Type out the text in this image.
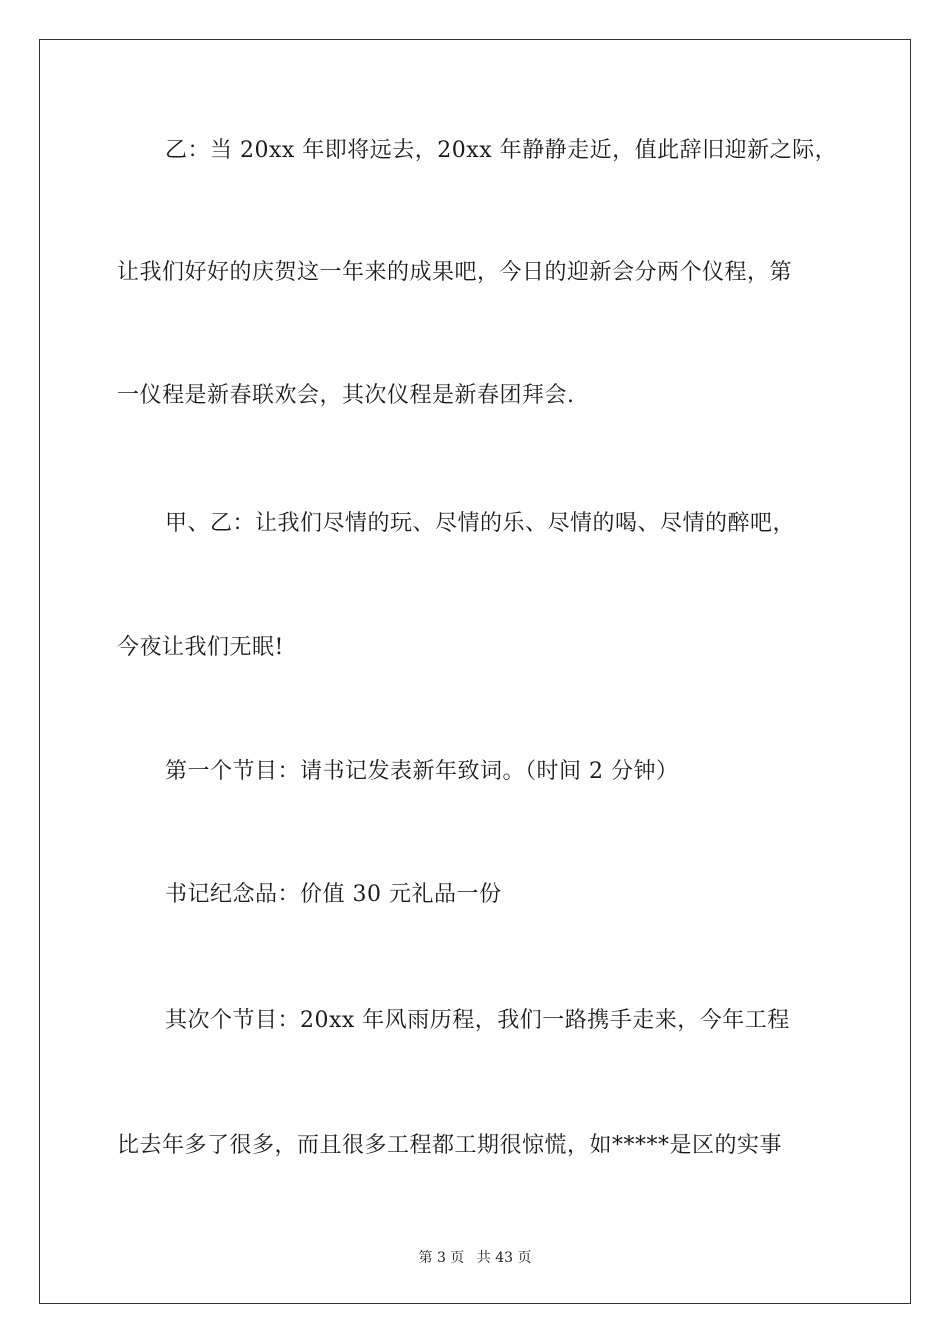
乙：当 20xx 年即将远去，20xx 年静静走近，值此辞旧迎新之际，
让我们好好的庆贺这一年来的成果吧，今日的迎新会分两个仪程，第
一仪程是新春联欢会，其次仪程是新春团拜会.
甲、乙：让我们尽情的玩、尽情的乐、尽情的喝、尽情的醉吧，
今夜让我们无眠!
第一个节目：请书记发表新年致词。（时间 2 分钟）
书记纪念品：价值 30 元礼品一份
其次个节目：20xx 年风雨历程，我们一路携手走来，今年工程
比去年多了很多，而且很多工程都工期很惊慌，如*****是区的实事
第 3 页 共 43 页
